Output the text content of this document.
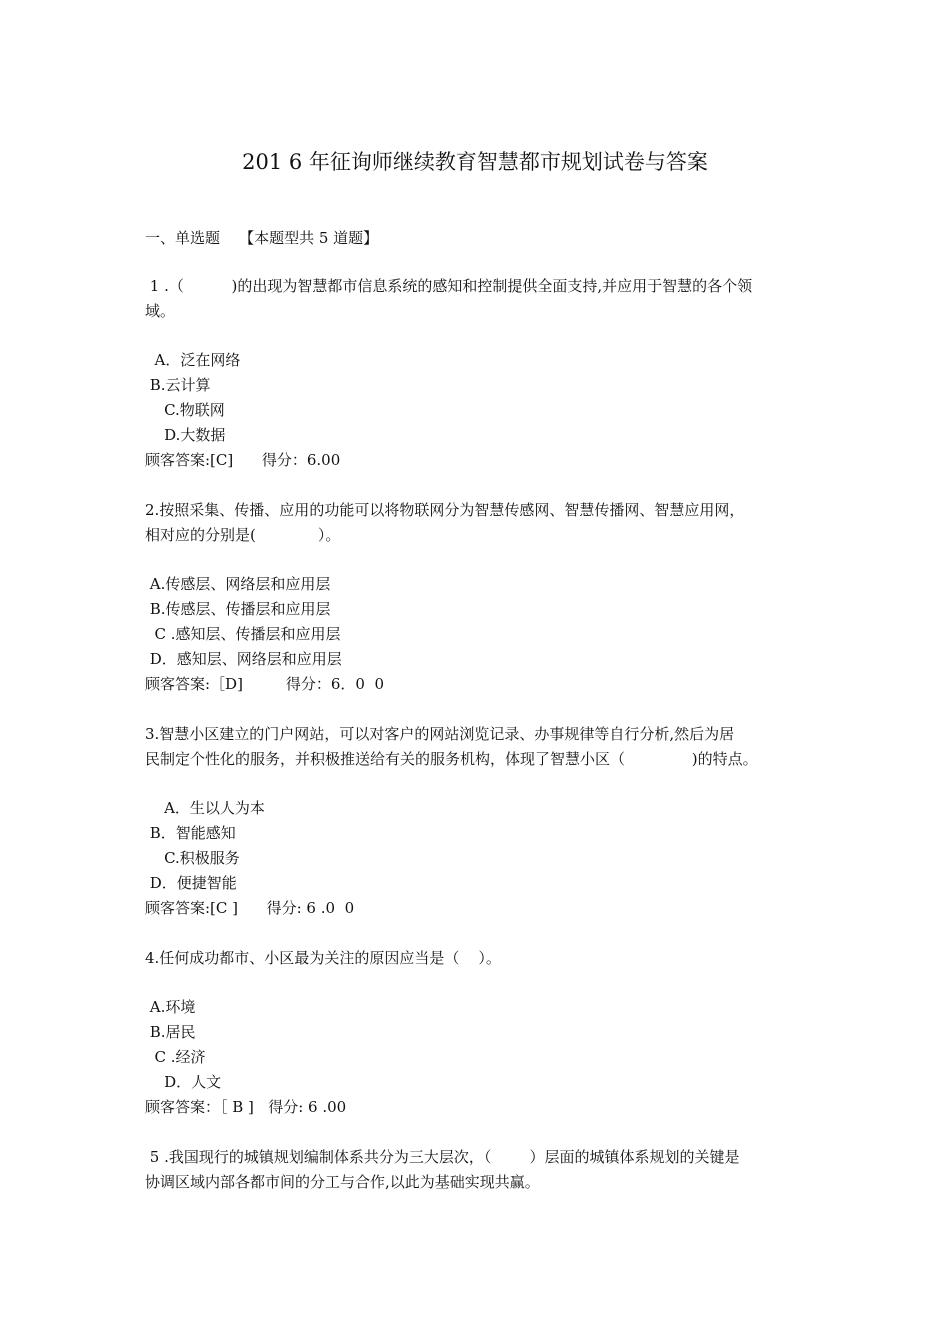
201 6 年征询师继续教育智慧都市规划试卷与答案
一、单选题    【本题型共 5 道题】
1 .（          )的出现为智慧都市信息系统的感知和控制提供全面支持,并应用于智慧的各个领
域。
A．泛在网络
B.云计算
C.物联网
D.大数据
顾客答案:[C]      得分：6.00
2.按照采集、传播、应用的功能可以将物联网分为智慧传感网、智慧传播网、智慧应用网，
相对应的分别是(             ）。
A.传感层、网络层和应用层
B.传感层、传播层和应用层
C .感知层、传播层和应用层
D．感知层、网络层和应用层
顾客答案:［D]         得分：6．0  0
3.智慧小区建立的门户网站，可以对客户的网站浏览记录、办事规律等自行分析,然后为居
民制定个性化的服务，并积极推送给有关的服务机构，体现了智慧小区（              )的特点。
A．生以人为本
B．智能感知
C.积极服务
D．便捷智能
顾客答案:[C ]      得分: 6 .0  0
4.任何成功都市、小区最为关注的原因应当是（    ）。
A.环境
B.居民
C .经济
D．人文
顾客答案：［ B ]   得分: 6 .00
5 .我国现行的城镇规划编制体系共分为三大层次，（        ）层面的城镇体系规划的关键是
协调区域内部各都市间的分工与合作,以此为基础实现共赢。
